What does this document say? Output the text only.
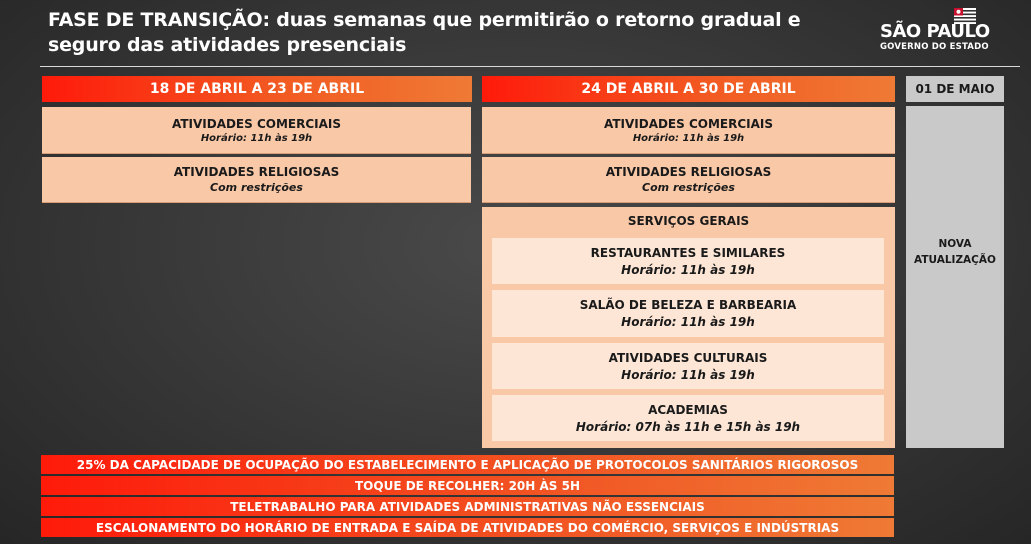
FASE DE TRANSIÇÃO: duas semanas que permitirão o retorno gradual e
seguro das atividades presenciais
SÃO PAULO
GOVERNO DO ESTADO
18 DE ABRIL A 23 DE ABRIL
ATIVIDADES COMERCIAIS
Horário: 11h às 19h
ATIVIDADES RELIGIOSAS
Com restrições
24 DE ABRIL A 30 DE ABRIL
ATIVIDADES COMERCIAIS
Horário: 11h às 19h
ATIVIDADES RELIGIOSAS
Com restrições
SERVIÇOS GERAIS
RESTAURANTES E SIMILARES
Horário: 11h às 19h
SALÃO DE BELEZA E BARBEARIA
Horário: 11h às 19h
ATIVIDADES CULTURAIS
Horário: 11h às 19h
ACADEMIAS
Horário: 07h às 11h e 15h às 19h
01 DE MAIO
NOVA
ATUALIZAÇÃO
25% DA CAPACIDADE DE OCUPAÇÃO DO ESTABELECIMENTO E APLICAÇÃO DE PROTOCOLOS SANITÁRIOS RIGOROSOS
TOQUE DE RECOLHER: 20H ÀS 5H
TELETRABALHO PARA ATIVIDADES ADMINISTRATIVAS NÃO ESSENCIAIS
ESCALONAMENTO DO HORÁRIO DE ENTRADA E SAÍDA DE ATIVIDADES DO COMÉRCIO, SERVIÇOS E INDÚSTRIAS
